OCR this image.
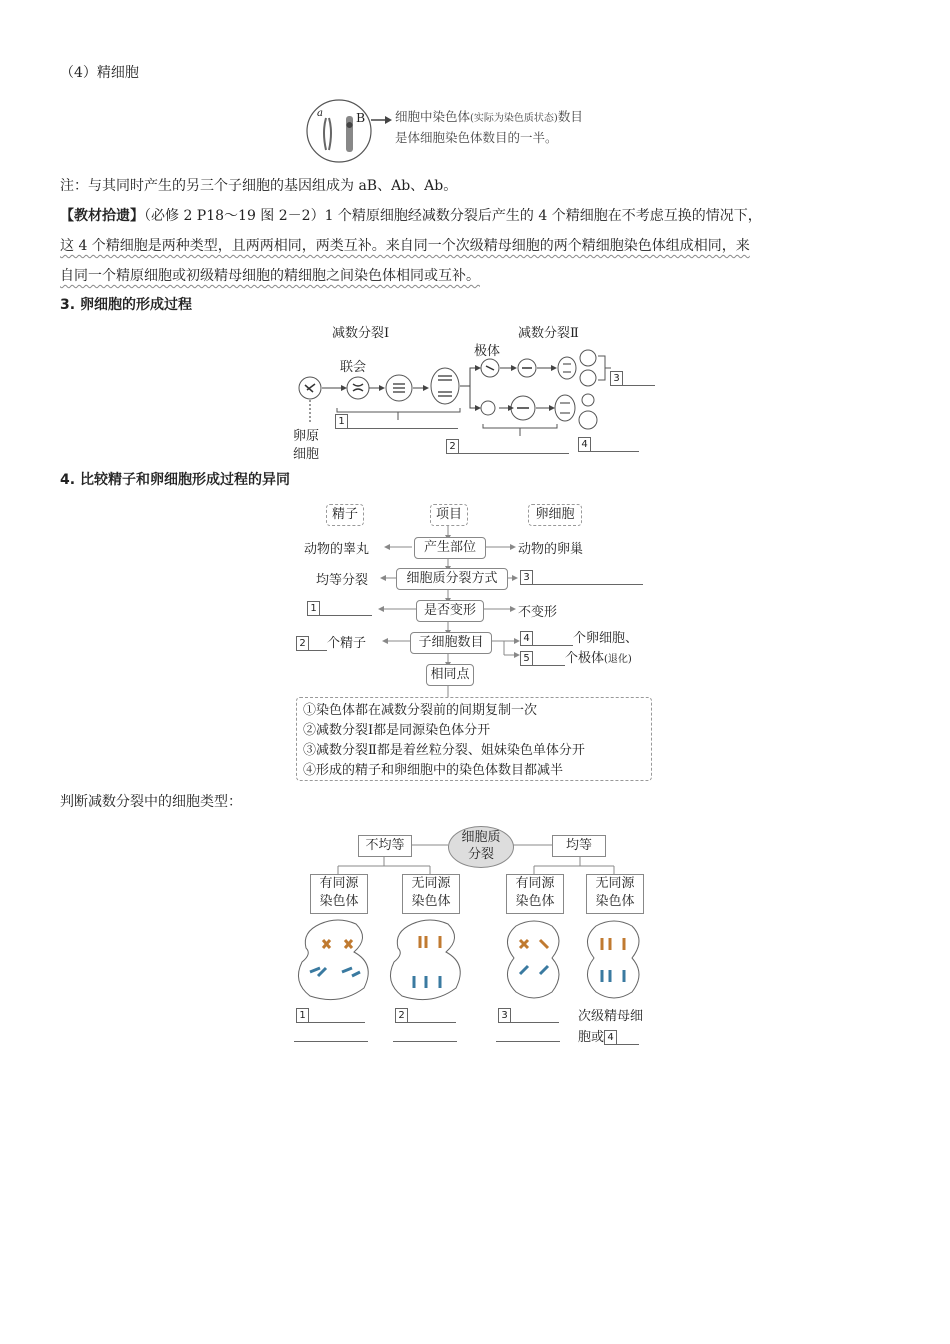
（4）精细胞
a	B 细胞中染色体(实际为染色质状态)数目
是体细胞染色体数目的一半。
注：与其同时产生的另三个子细胞的基因组成为 aB、Ab、Ab。
【教材拾遗】（必修 2 P18～19 图 2－2）1 个精原细胞经减数分裂后产生的 4 个精细胞在不考虑互换的情况下，
这 4 个精细胞是两种类型，且两两相同，两类互补。来自同一个次级精母细胞的两个精细胞染色体组成相同，来
自同一个精原细胞或初级精母细胞的精细胞之间染色体相同或互补。
3. 卵细胞的形成过程
减数分裂Ⅰ	减数分裂Ⅱ
联会
极体
卵原
细胞
1
2
3
4
4. 比较精子和卵细胞形成过程的异同
精子	项目	卵细胞
动物的睾丸	产生部位	动物的卵巢
均等分裂	细胞质分裂方式	3
1	是否变形	不变形
2 个精子	子细胞数目	4	个卵细胞、
5	个极体(退化)
相同点
①染色体都在减数分裂前的间期复制一次
②减数分裂Ⅰ都是同源染色体分开
③减数分裂Ⅱ都是着丝粒分裂、姐妹染色单体分开
④形成的精子和卵细胞中的染色体数目都减半
判断减数分裂中的细胞类型：
细胞质
分裂
不均等	均等
有同源
染色体
无同源
染色体
有同源
染色体
无同源
染色体
1	2	3	次级精母细
胞或 4
